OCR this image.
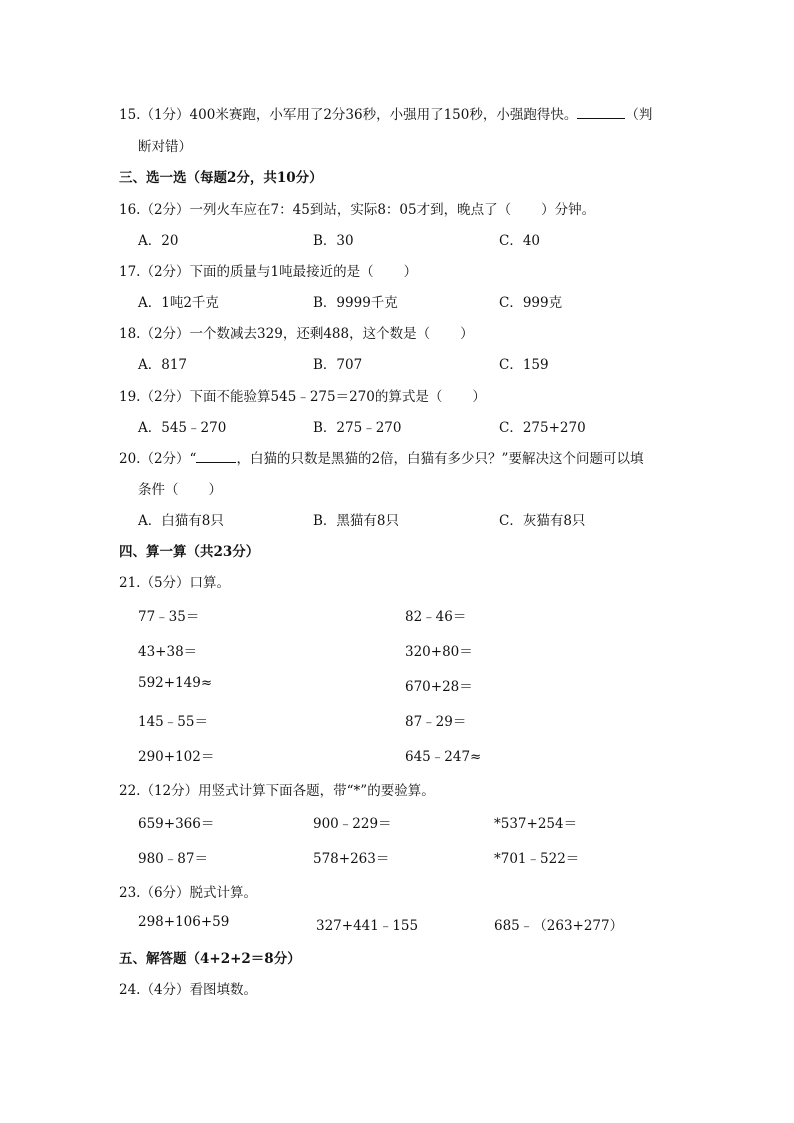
15.（1分）400米赛跑，小军用了2分36秒，小强用了150秒，小强跑得快。	（判
断对错）
三、选一选（每题2分，共10分）
16.（2分）一列火车应在7：45到站，实际8：05才到，晚点了（ ）分钟。
A．20	B．30	C．40
17.（2分）下面的质量与1吨最接近的是（ ）
A．1吨2千克	B．9999千克	C．999克
18.（2分）一个数减去329，还剩488，这个数是（ ）
A．817	B．707	C．159
19.（2分）下面不能验算545﹣275＝270的算式是（ ）
A．545﹣270	B．275﹣270	C．275+270
20.（2分）“	，白猫的只数是黑猫的2倍，白猫有多少只？”要解决这个问题可以填
条件（ ）
A．白猫有8只	B．黑猫有8只	C．灰猫有8只
四、算一算（共23分）
21.（5分）口算。
77﹣35＝	82﹣46＝
43+38＝	320+80＝
592+149≈	670+28＝
145﹣55＝	87﹣29＝
290+102＝	645﹣247≈
22.（12分）用竖式计算下面各题，带“*”的要验算。
659+366＝	900﹣229＝	*537+254＝
980﹣87＝	578+263＝	*701﹣522＝
23.（6分）脱式计算。
298+106+59	327+441﹣155	685﹣（263+277）
五、解答题（4+2+2＝8分）
24.（4分）看图填数。
